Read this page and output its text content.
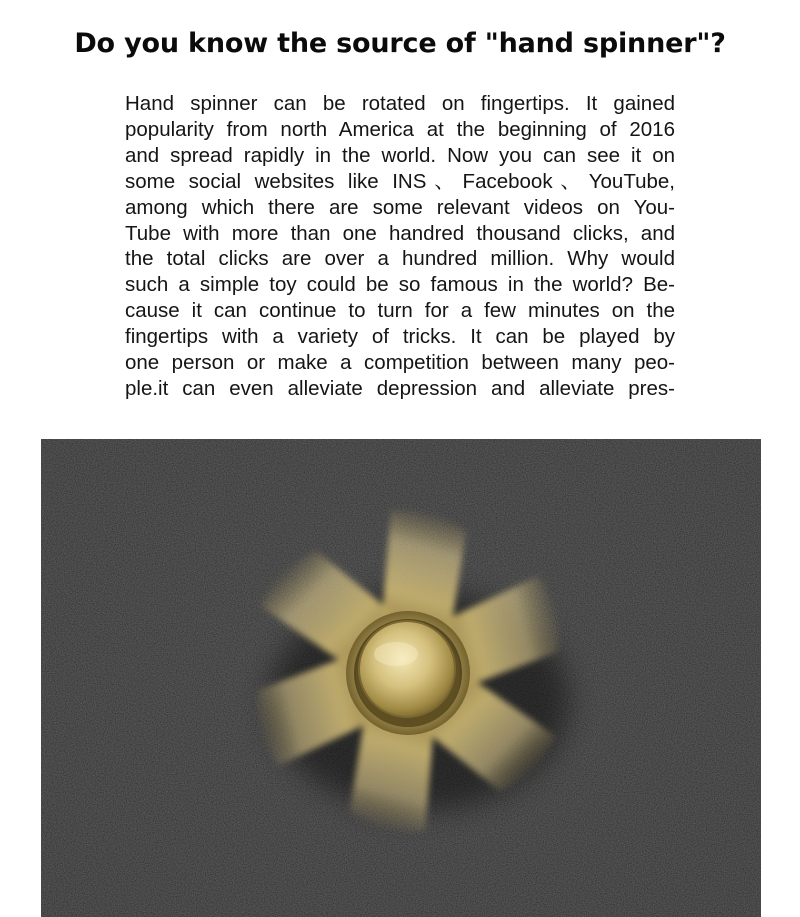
Do you know the source of "hand spinner"?
Hand spinner can be rotated on fingertips. It gained
popularity from north America at the beginning of 2016
and spread rapidly in the world. Now you can see it on
some social websites like INS、Facebook、YouTube,
among which there are some relevant videos on You-
Tube with more than one handred thousand clicks, and
the total clicks are over a hundred million. Why would
such a simple toy could be so famous in the world? Be-
cause it can continue to turn for a few minutes on the
fingertips with a variety of tricks. It can be played by
one person or make a competition between many peo-
ple.it can even alleviate depression and alleviate pres-
